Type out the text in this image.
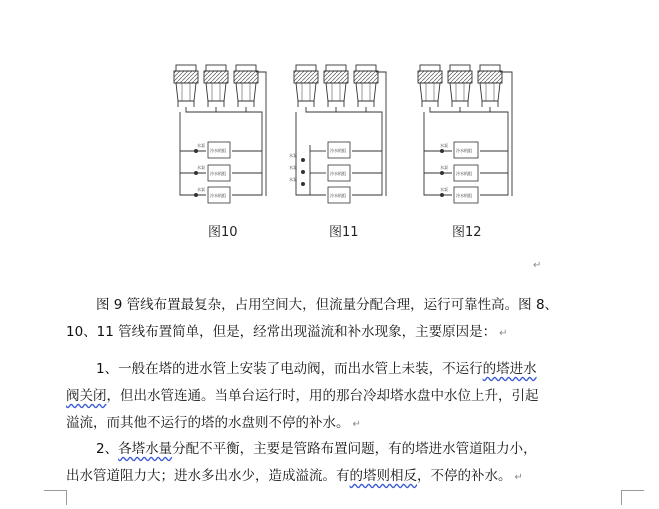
冷水机组
冷水机组
冷水机组
水泵
水泵
水泵
图10
冷水机组
冷水机组
冷水机组
水泵
水泵
水泵
图11
冷水机组
冷水机组
冷水机组
水泵
水泵
水泵
图12
↵
图 9 管线布置最复杂，占用空间大，但流量分配合理，运行可靠性高。图 8、
10、11 管线布置简单，但是，经常出现溢流和补水现象，主要原因是： ↵
1、一般在塔的进水管上安装了电动阀，而出水管上未装，不运行的塔进水
阀关闭，但出水管连通。当单台运行时，用的那台冷却塔水盘中水位上升，引起
溢流，而其他不运行的塔的水盘则不停的补水。 ↵
2、各塔水量分配不平衡，主要是管路布置问题，有的塔进水管道阻力小，
出水管道阻力大；进水多出水少，造成溢流。有的塔则相反，不停的补水。 ↵
